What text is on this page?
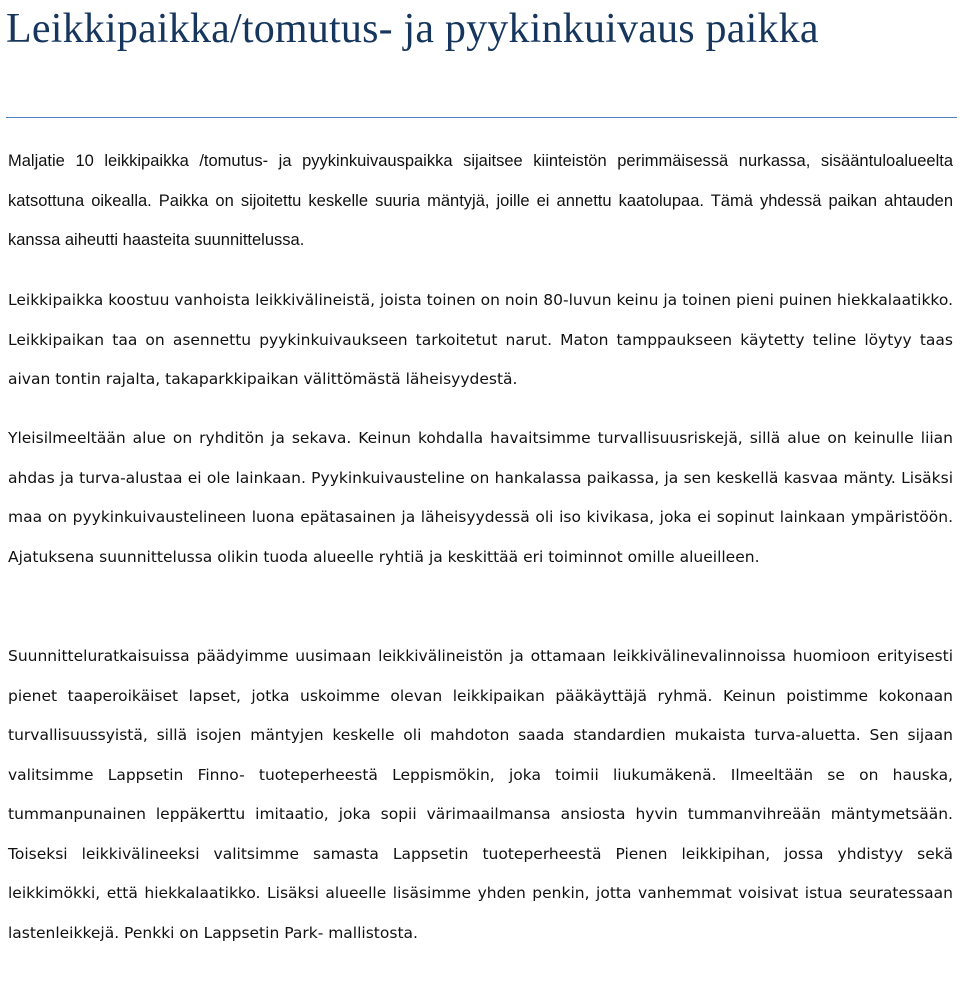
Leikkipaikka/tomutus- ja pyykinkuivaus paikka

Maljatie 10 leikkipaikka /tomutus- ja pyykinkuivauspaikka sijaitsee kiinteistön perimmäisessä nurkassa, sisääntuloalueelta katsottuna oikealla. Paikka on sijoitettu keskelle suuria mäntyjä, joille ei annettu kaatolupaa. Tämä yhdessä paikan ahtauden kanssa aiheutti haasteita suunnittelussa.

Leikkipaikka koostuu vanhoista leikkivälineistä, joista toinen on noin 80-luvun keinu ja toinen pieni puinen hiekkalaatikko. Leikkipaikan taa on asennettu pyykinkuivaukseen tarkoitetut narut. Maton tamppaukseen käytetty teline löytyy taas aivan tontin rajalta, takaparkkipaikan välittömästä läheisyydestä.

Yleisilmeeltään alue on ryhditön ja sekava. Keinun kohdalla havaitsimme turvallisuusriskejä, sillä alue on keinulle liian ahdas ja turva-alustaa ei ole lainkaan. Pyykinkuivausteline on hankalassa paikassa, ja sen keskellä kasvaa mänty. Lisäksi maa on pyykinkuivaustelineen luona epätasainen ja läheisyydessä oli iso kivikasa, joka ei sopinut lainkaan ympäristöön. Ajatuksena suunnittelussa olikin tuoda alueelle ryhtiä ja keskittää eri toiminnot omille alueilleen.

Suunnitteluratkaisuissa päädyimme uusimaan leikkivälineistön ja ottamaan leikkivälinevalinnoissa huomioon erityisesti pienet taaperoikäiset lapset, jotka uskoimme olevan leikkipaikan pääkäyttäjä ryhmä. Keinun poistimme kokonaan turvallisuussyistä, sillä isojen mäntyjen keskelle oli mahdoton saada standardien mukaista turva-aluetta. Sen sijaan valitsimme Lappsetin Finno- tuoteperheestä Leppismökin, joka toimii liukumäkenä. Ilmeeltään se on hauska, tummanpunainen leppäkerttu imitaatio, joka sopii värimaailmansa ansiosta hyvin tummanvihreään mäntymetsään. Toiseksi leikkivälineeksi valitsimme samasta Lappsetin tuoteperheestä Pienen leikkipihan, jossa yhdistyy sekä leikkimökki, että hiekkalaatikko. Lisäksi alueelle lisäsimme yhden penkin, jotta vanhemmat voisivat istua seuratessaan lastenleikkejä. Penkki on Lappsetin Park- mallistosta.
